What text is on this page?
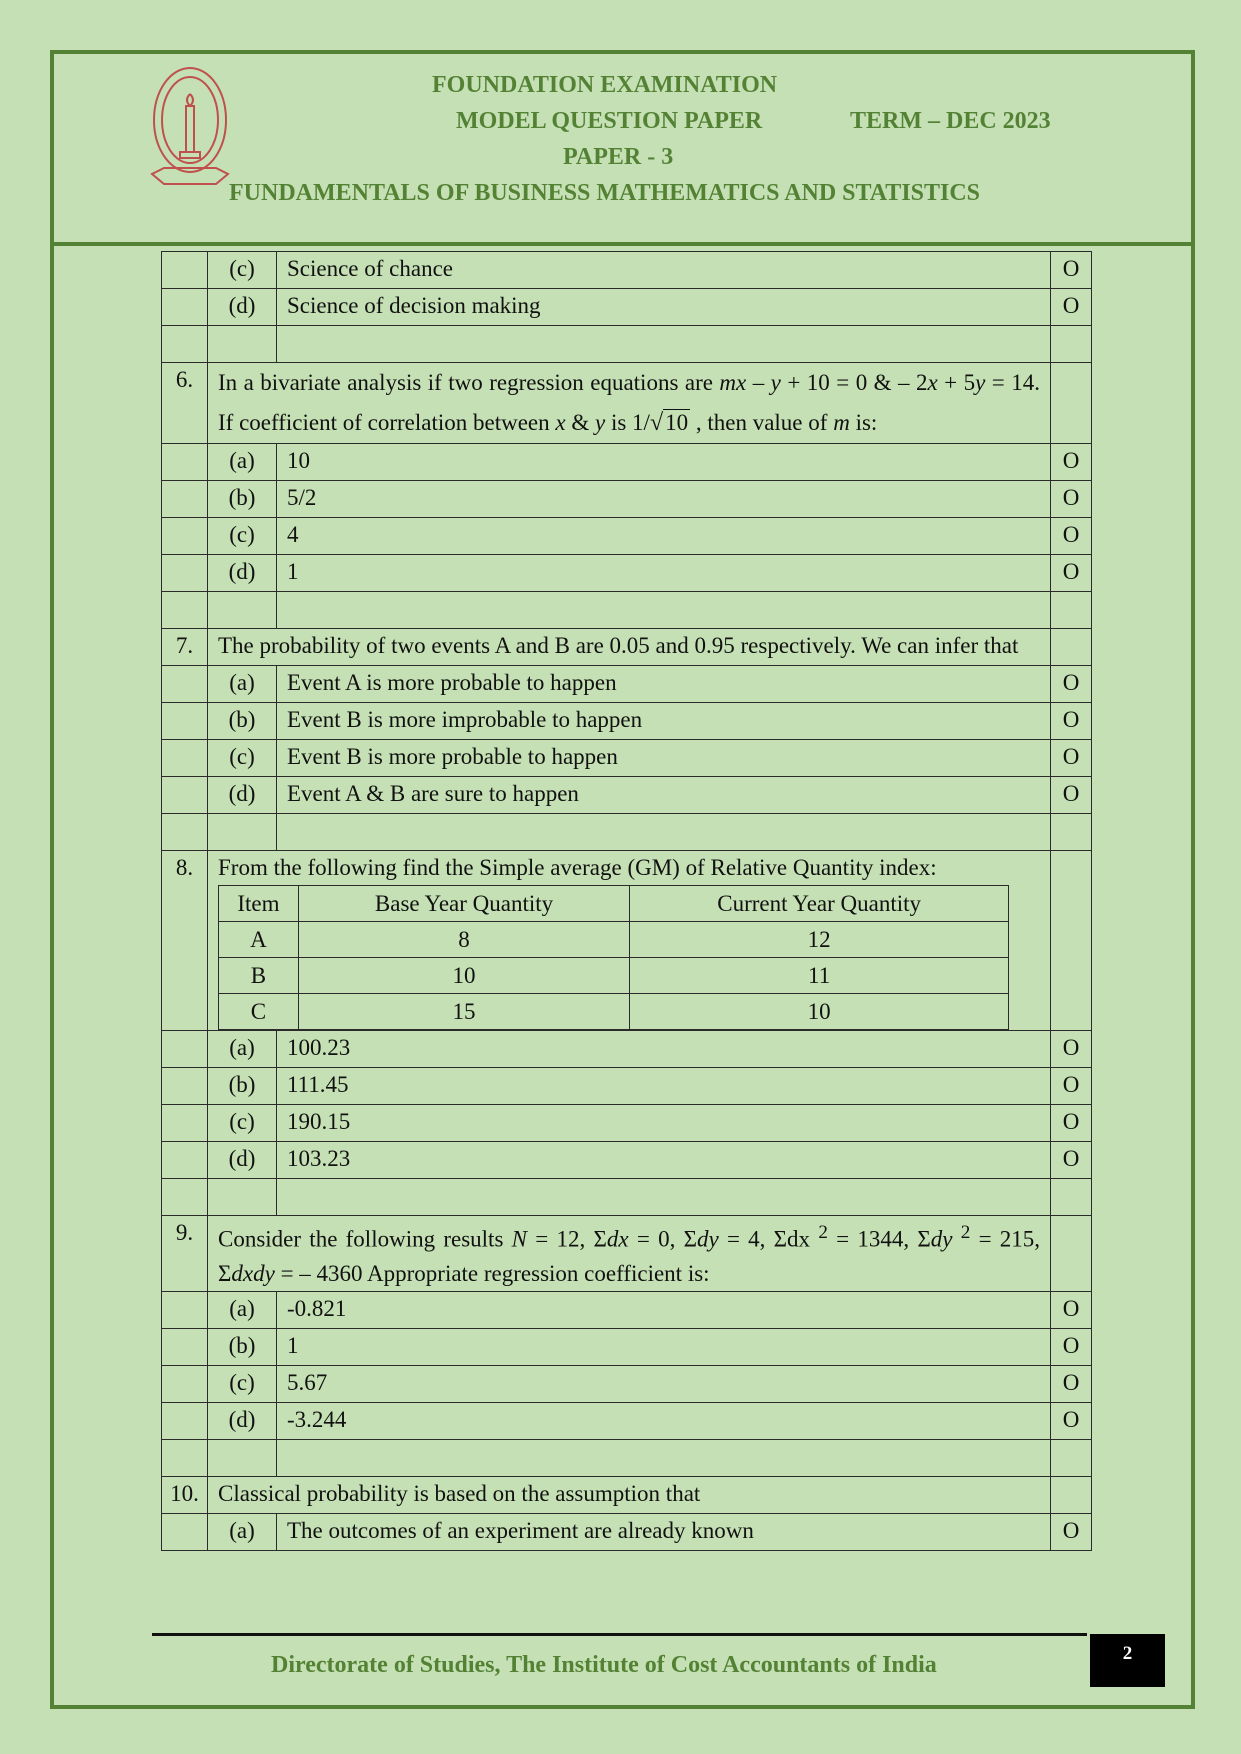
FOUNDATION EXAMINATION
MODEL QUESTION PAPER	TERM – DEC 2023
PAPER - 3
FUNDAMENTALS OF BUSINESS MATHEMATICS AND STATISTICS
	(c)	Science of chance	O
	(d)	Science of decision making	O

6.	In a bivariate analysis if two regression equations are mx – y + 10 = 0 & – 2x + 5y = 14. If coefficient of correlation between x & y is 1/√10 , then value of m is:	
	(a)	10	O
	(b)	5/2	O
	(c)	4	O
	(d)	1	O

7.	The probability of two events A and B are 0.05 and 0.95 respectively. We can infer that	
	(a)	Event A is more probable to happen	O
	(b)	Event B is more improbable to happen	O
	(c)	Event B is more probable to happen	O
	(d)	Event A & B are sure to happen	O

8.	From the following find the Simple average (GM) of Relative Quantity index:
Item	Base Year Quantity	Current Year Quantity
A	8	12
B	10	11
C	15	10

	(a)	100.23	O
	(b)	111.45	O
	(c)	190.15	O
	(d)	103.23	O

9.	Consider the following results N = 12, Σdx = 0, Σdy = 4, Σdx $^2$ = 1344, Σdy $^2$ = 215, Σdxdy = – 4360 Appropriate regression coefficient is:	
	(a)	-0.821	O
	(b)	1	O
	(c)	5.67	O
	(d)	-3.244	O

10.	Classical probability is based on the assumption that	
	(a)	The outcomes of an experiment are already known	O
Directorate of Studies, The Institute of Cost Accountants of India	2
